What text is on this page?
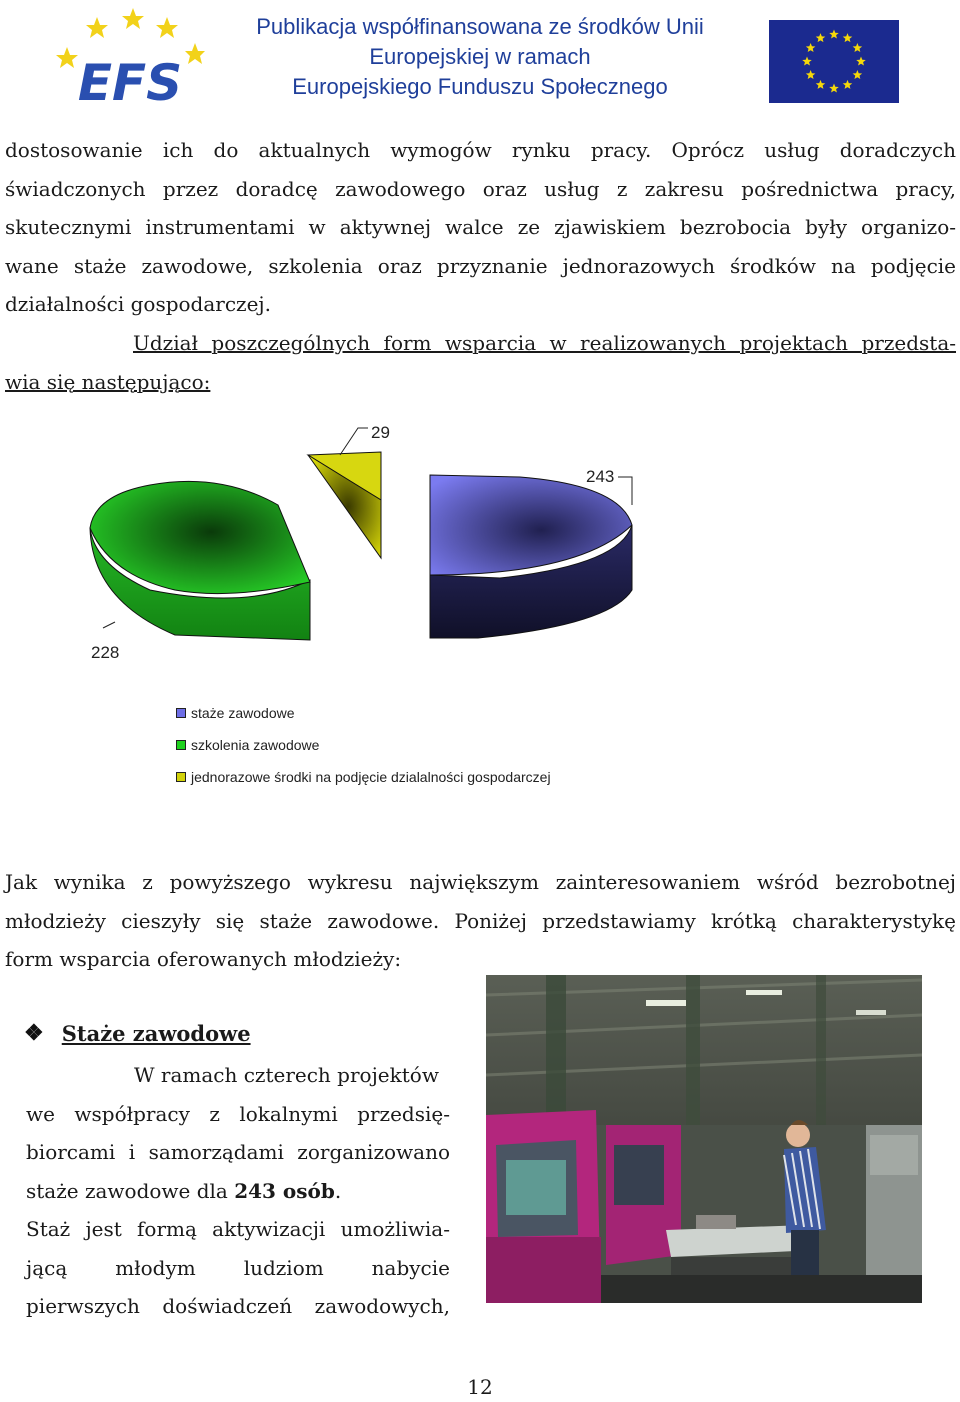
EFS
Publikacja współfinansowana ze środków Unii
Europejskiej w ramach
Europejskiego Funduszu Społecznego
dostosowanie ich do aktualnych wymogów rynku pracy. Oprócz usług doradczych
świadczonych przez doradcę zawodowego oraz usług z zakresu pośrednictwa pracy,
skutecznymi instrumentami w aktywnej walce ze zjawiskiem bezrobocia były organizo-
wane staże zawodowe, szkolenia oraz przyznanie jednorazowych środków na podjęcie
działalności gospodarczej.
Udział poszczególnych form wsparcia w realizowanych projektach przedsta-
wia się następująco:
29
243
228
staże zawodowe
szkolenia zawodowe
jednorazowe środki na podjęcie dzialalności gospodarczej
Jak wynika z powyższego wykresu największym zainteresowaniem wśród bezrobotnej
młodzieży cieszyły się staże zawodowe. Poniżej przedstawiamy krótką charakterystykę
form wsparcia oferowanych młodzieży:
❖ Staże zawodowe
W ramach czterech projektów
we współpracy z lokalnymi przedsię-
biorcami i samorządami zorganizowano
staże zawodowe dla 243 osób.
Staż jest formą aktywizacji umożliwia-
jącą młodym ludziom nabycie
pierwszych doświadczeń zawodowych,
12
